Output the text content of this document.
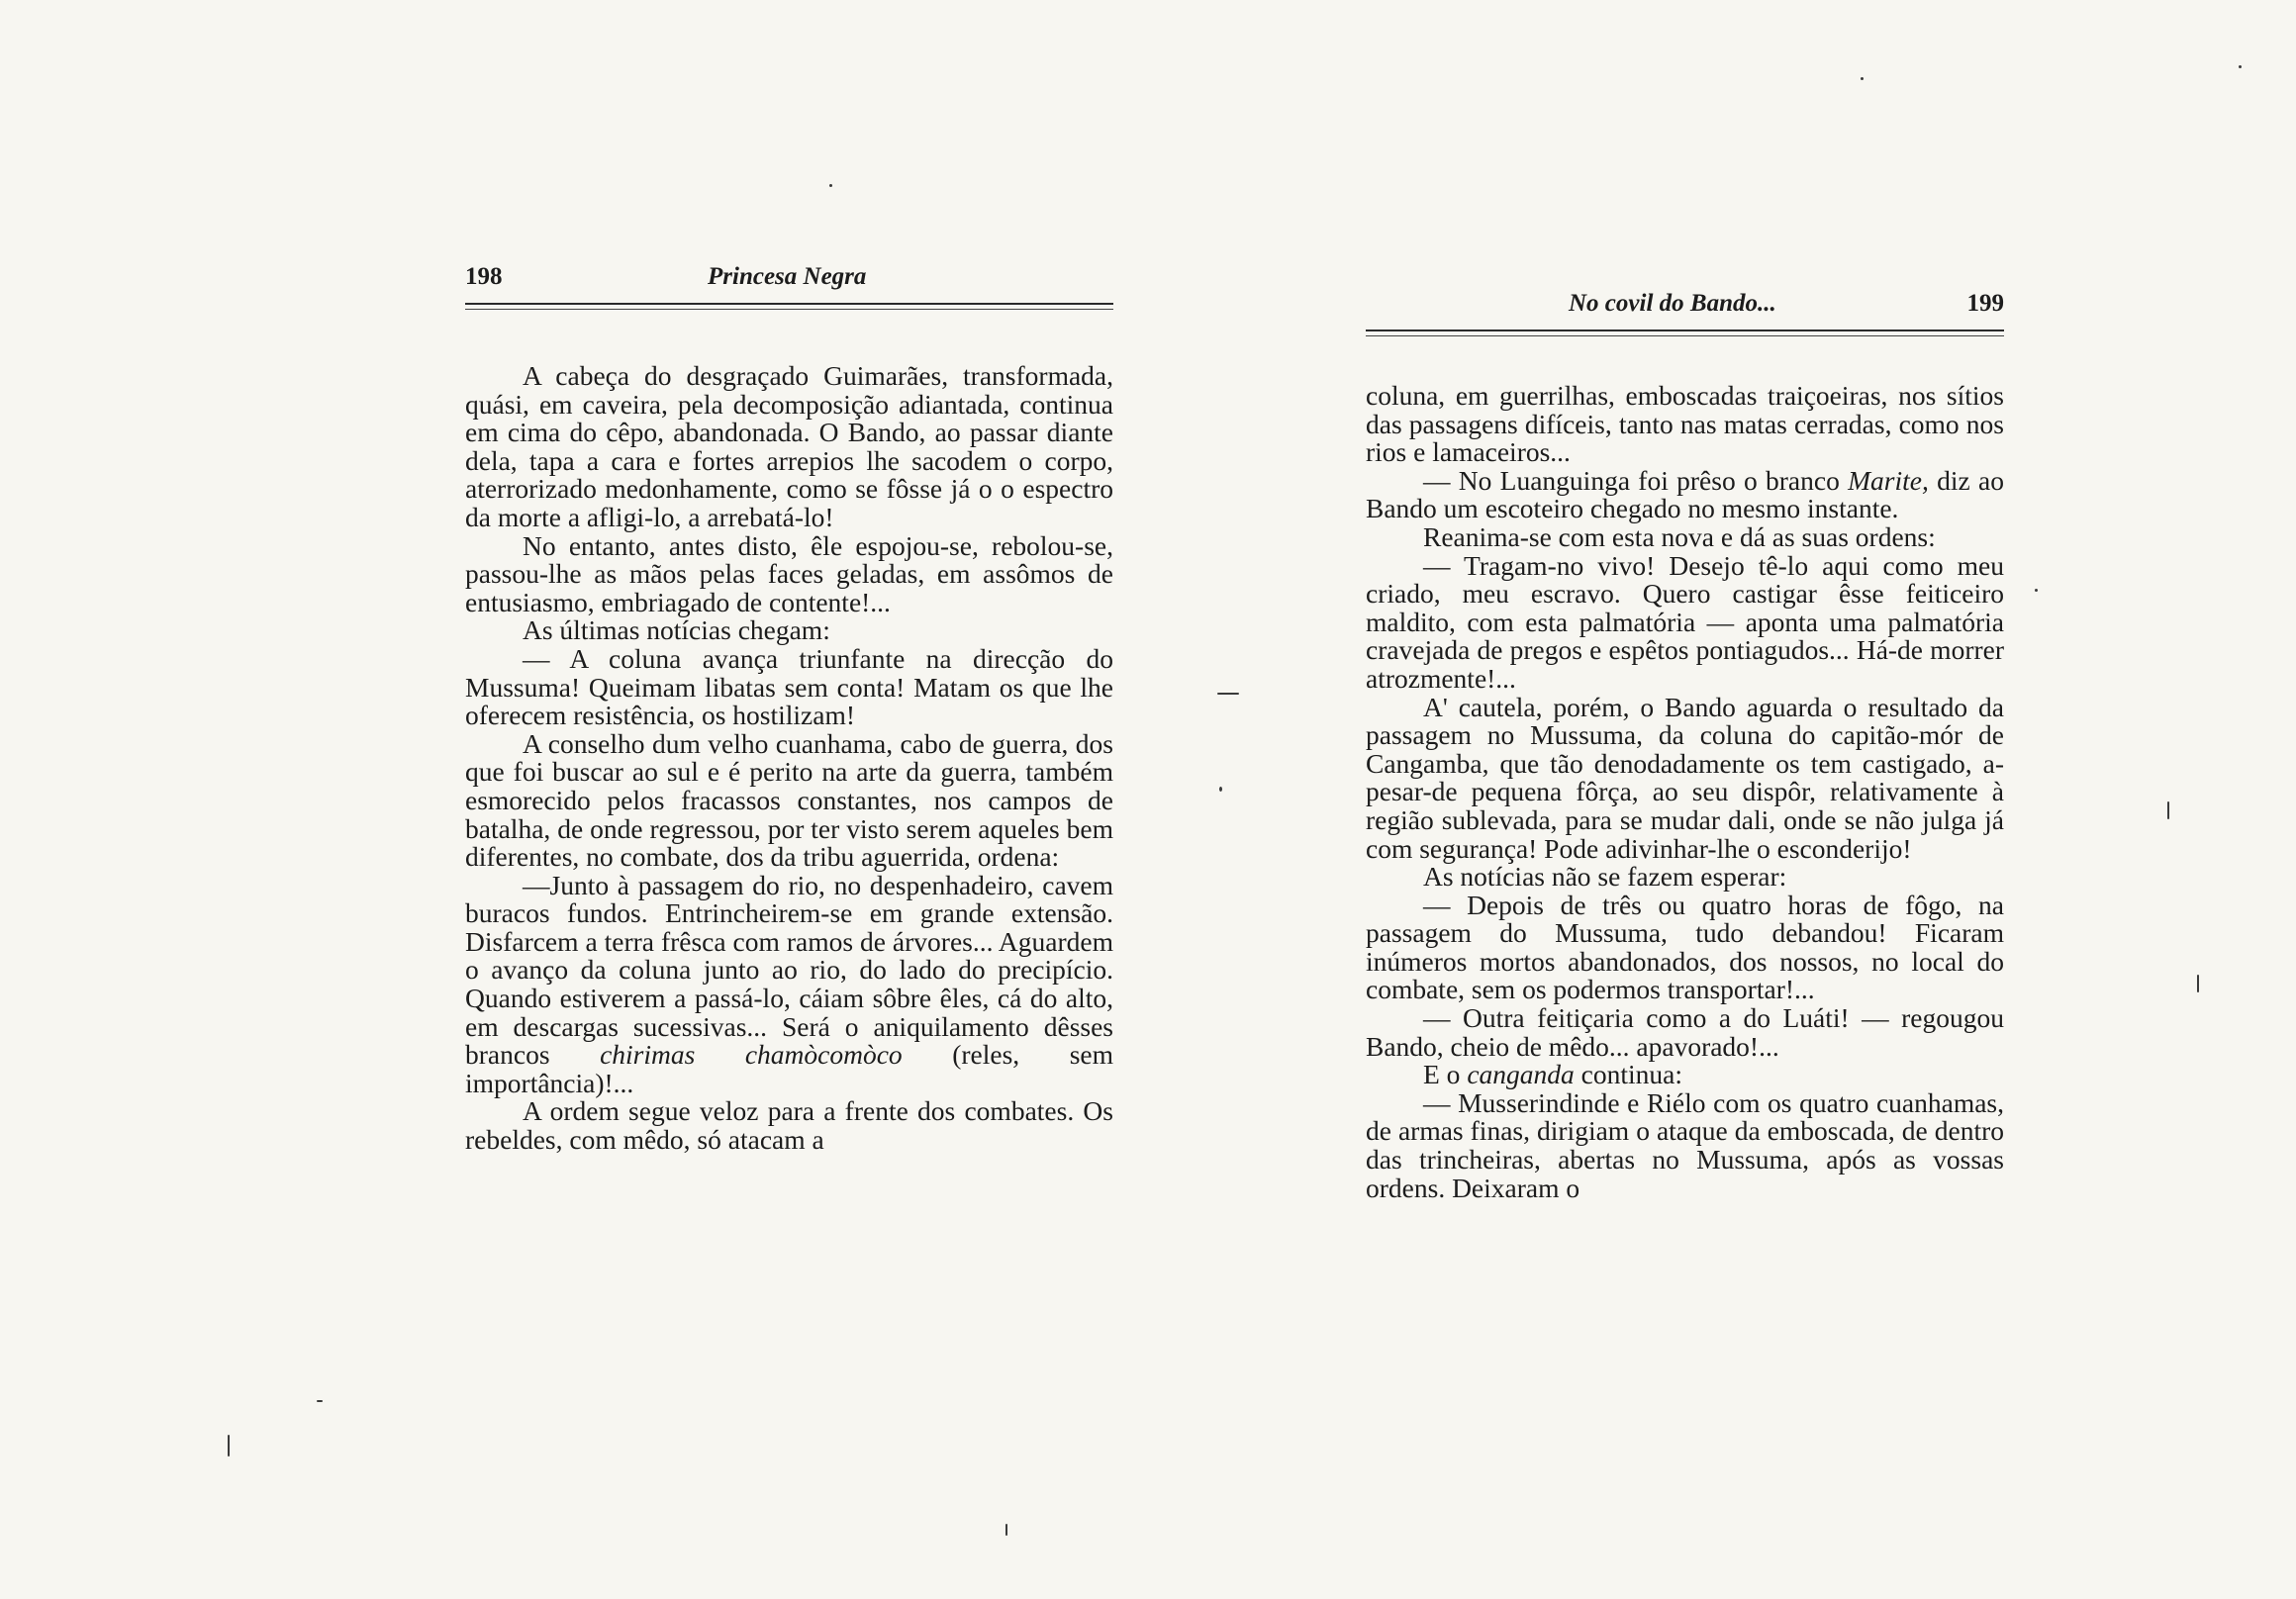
198	Princesa Negra

A cabeça do desgraçado Guimarães, transformada, quási, em caveira, pela decomposição adiantada, continua em cima do cêpo, abandonada. O Bando, ao passar diante dela, tapa a cara e fortes arrepios lhe sacodem o corpo, aterrorizado medonhamente, como se fôsse já o o espectro da morte a afligi-lo, a arrebatá-lo!

No entanto, antes disto, êle espojou-se, rebolou-se, passou-lhe as mãos pelas faces geladas, em assômos de entusiasmo, embriagado de contente!...

As últimas notícias chegam:

— A coluna avança triunfante na direcção do Mussuma! Queimam libatas sem conta! Matam os que lhe oferecem resistência, os hostilizam!

A conselho dum velho cuanhama, cabo de guerra, dos que foi buscar ao sul e é perito na arte da guerra, também esmorecido pelos fracassos constantes, nos campos de batalha, de onde regressou, por ter visto serem aqueles bem diferentes, no combate, dos da tribu aguerrida, ordena:

—Junto à passagem do rio, no despenhadeiro, cavem buracos fundos. Entrincheirem-se em grande extensão. Disfarcem a terra frêsca com ramos de árvores... Aguardem o avanço da coluna junto ao rio, do lado do precipício. Quando estiverem a passá-lo, cáiam sôbre êles, cá do alto, em descargas sucessivas... Será o aniquilamento dêsses brancos chirimas chamòcomòco (reles, sem importância)!...

A ordem segue veloz para a frente dos combates. Os rebeldes, com mêdo, só atacam a

No covil do Bando...	199

coluna, em guerrilhas, emboscadas traiçoeiras, nos sítios das passagens difíceis, tanto nas matas cerradas, como nos rios e lamaceiros...

— No Luanguinga foi prêso o branco Marite, diz ao Bando um escoteiro chegado no mesmo instante.

Reanima-se com esta nova e dá as suas ordens:

— Tragam-no vivo! Desejo tê-lo aqui como meu criado, meu escravo. Quero castigar êsse feiticeiro maldito, com esta palmatória — aponta uma palmatória cravejada de pregos e espêtos pontiagudos... Há-de morrer atrozmente!...

A' cautela, porém, o Bando aguarda o resultado da passagem no Mussuma, da coluna do capitão-mór de Cangamba, que tão denodadamente os tem castigado, a-pesar-de pequena fôrça, ao seu dispôr, relativamente à região sublevada, para se mudar dali, onde se não julga já com segurança! Pode adivinhar-lhe o esconderijo!

As notícias não se fazem esperar:

— Depois de três ou quatro horas de fôgo, na passagem do Mussuma, tudo debandou! Ficaram inúmeros mortos abandonados, dos nossos, no local do combate, sem os podermos transportar!...

— Outra feitiçaria como a do Luáti! — regougou Bando, cheio de mêdo... apavorado!...

E o canganda continua:

— Musserindinde e Riélo com os quatro cuanhamas, de armas finas, dirigiam o ataque da emboscada, de dentro das trincheiras, abertas no Mussuma, após as vossas ordens. Deixaram o
